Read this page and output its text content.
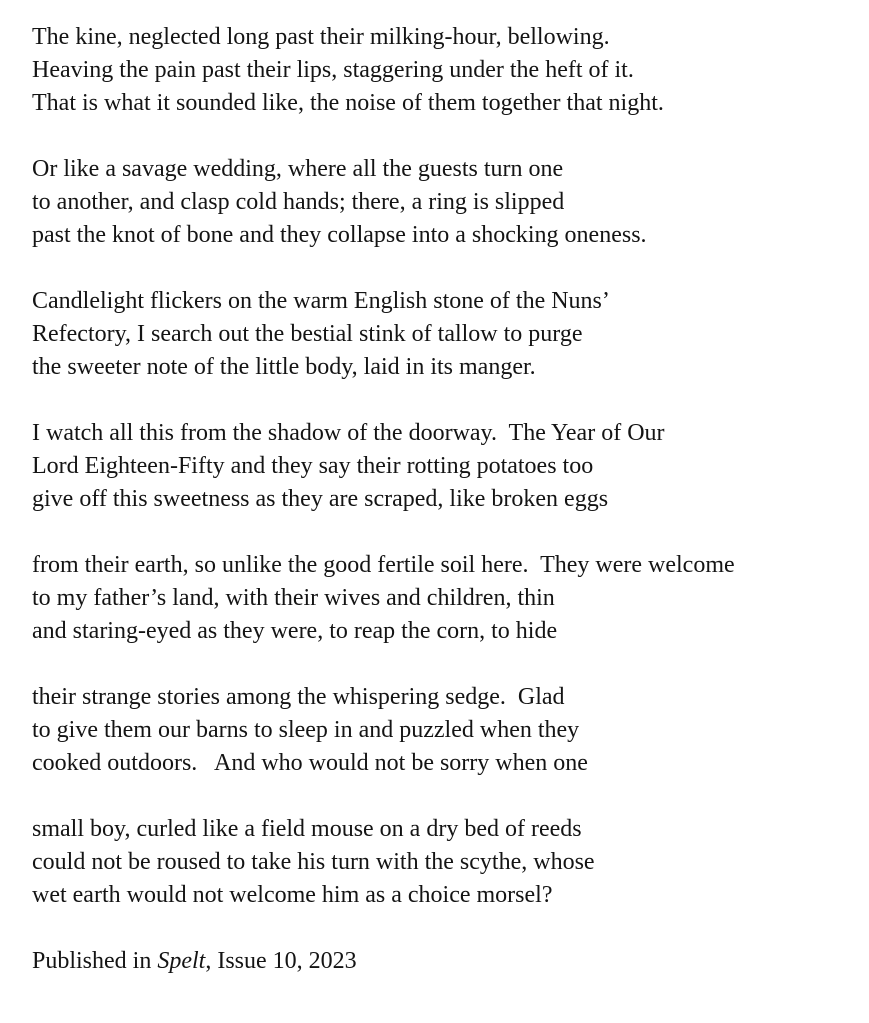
The kine, neglected long past their milking-hour, bellowing.
Heaving the pain past their lips, staggering under the heft of it.
That is what it sounded like, the noise of them together that night.

Or like a savage wedding, where all the guests turn one
to another, and clasp cold hands; there, a ring is slipped
past the knot of bone and they collapse into a shocking oneness.

Candlelight flickers on the warm English stone of the Nuns’
Refectory, I search out the bestial stink of tallow to purge
the sweeter note of the little body, laid in its manger.

I watch all this from the shadow of the doorway.  The Year of Our
Lord Eighteen-Fifty and they say their rotting potatoes too
give off this sweetness as they are scraped, like broken eggs

from their earth, so unlike the good fertile soil here.  They were welcome
to my father’s land, with their wives and children, thin
and staring-eyed as they were, to reap the corn, to hide

their strange stories among the whispering sedge.  Glad
to give them our barns to sleep in and puzzled when they
cooked outdoors.   And who would not be sorry when one

small boy, curled like a field mouse on a dry bed of reeds
could not be roused to take his turn with the scythe, whose
wet earth would not welcome him as a choice morsel?

Published in Spelt, Issue 10, 2023
